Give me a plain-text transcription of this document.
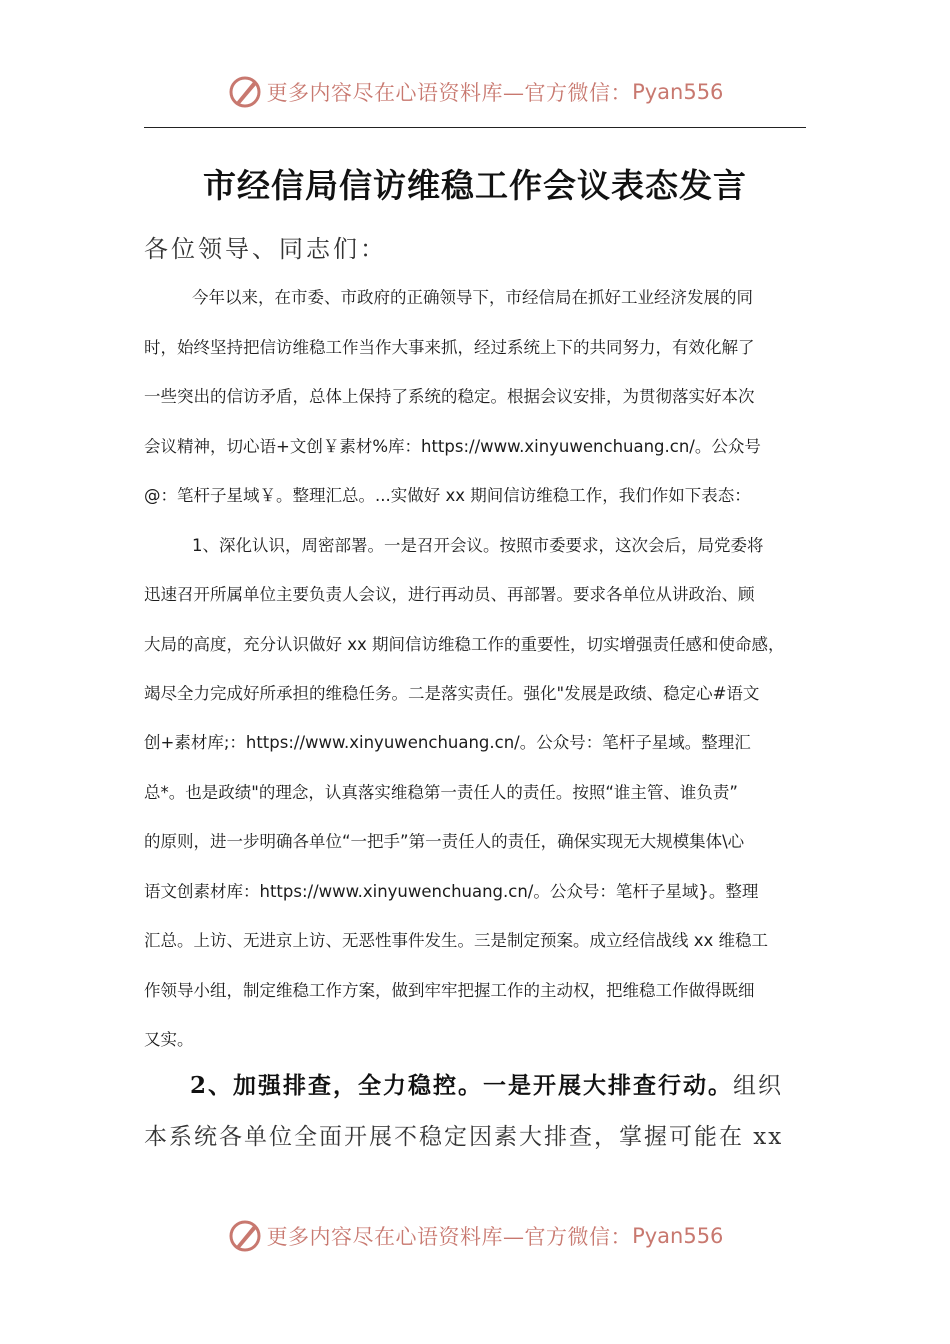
更多内容尽在心语资料库—官方微信： Pyan556
市经信局信访维稳工作会议表态发言
各位领导、同志们：
今年以来，在市委、市政府的正确领导下，市经信局在抓好工业经济发展的同
时，始终坚持把信访维稳工作当作大事来抓，经过系统上下的共同努力，有效化解了
一些突出的信访矛盾，总体上保持了系统的稳定。根据会议安排，为贯彻落实好本次
会议精神，切心语+文创￥素材%库：https://www.xinyuwenchuang.cn/。公众号
@：笔杆子星域￥。整理汇总。...实做好 xx 期间信访维稳工作，我们作如下表态：
1、深化认识，周密部署。一是召开会议。按照市委要求，这次会后，局党委将
迅速召开所属单位主要负责人会议，进行再动员、再部署。要求各单位从讲政治、顾
大局的高度，充分认识做好 xx 期间信访维稳工作的重要性，切实增强责任感和使命感，
竭尽全力完成好所承担的维稳任务。二是落实责任。强化"发展是政绩、稳定心#语文
创+素材库;：https://www.xinyuwenchuang.cn/。公众号：笔杆子星域。整理汇
总*。也是政绩"的理念，认真落实维稳第一责任人的责任。按照“谁主管、谁负责”
的原则，进一步明确各单位“一把手”第一责任人的责任，确保实现无大规模集体\心
语文创素材库：https://www.xinyuwenchuang.cn/。公众号：笔杆子星域}。整理
汇总。上访、无进京上访、无恶性事件发生。三是制定预案。成立经信战线 xx 维稳工
作领导小组，制定维稳工作方案，做到牢牢把握工作的主动权，把维稳工作做得既细
又实。
2、加强排查，全力稳控。一是开展大排查行动。组织
本系统各单位全面开展不稳定因素大排查，掌握可能在 xx
更多内容尽在心语资料库—官方微信： Pyan556
